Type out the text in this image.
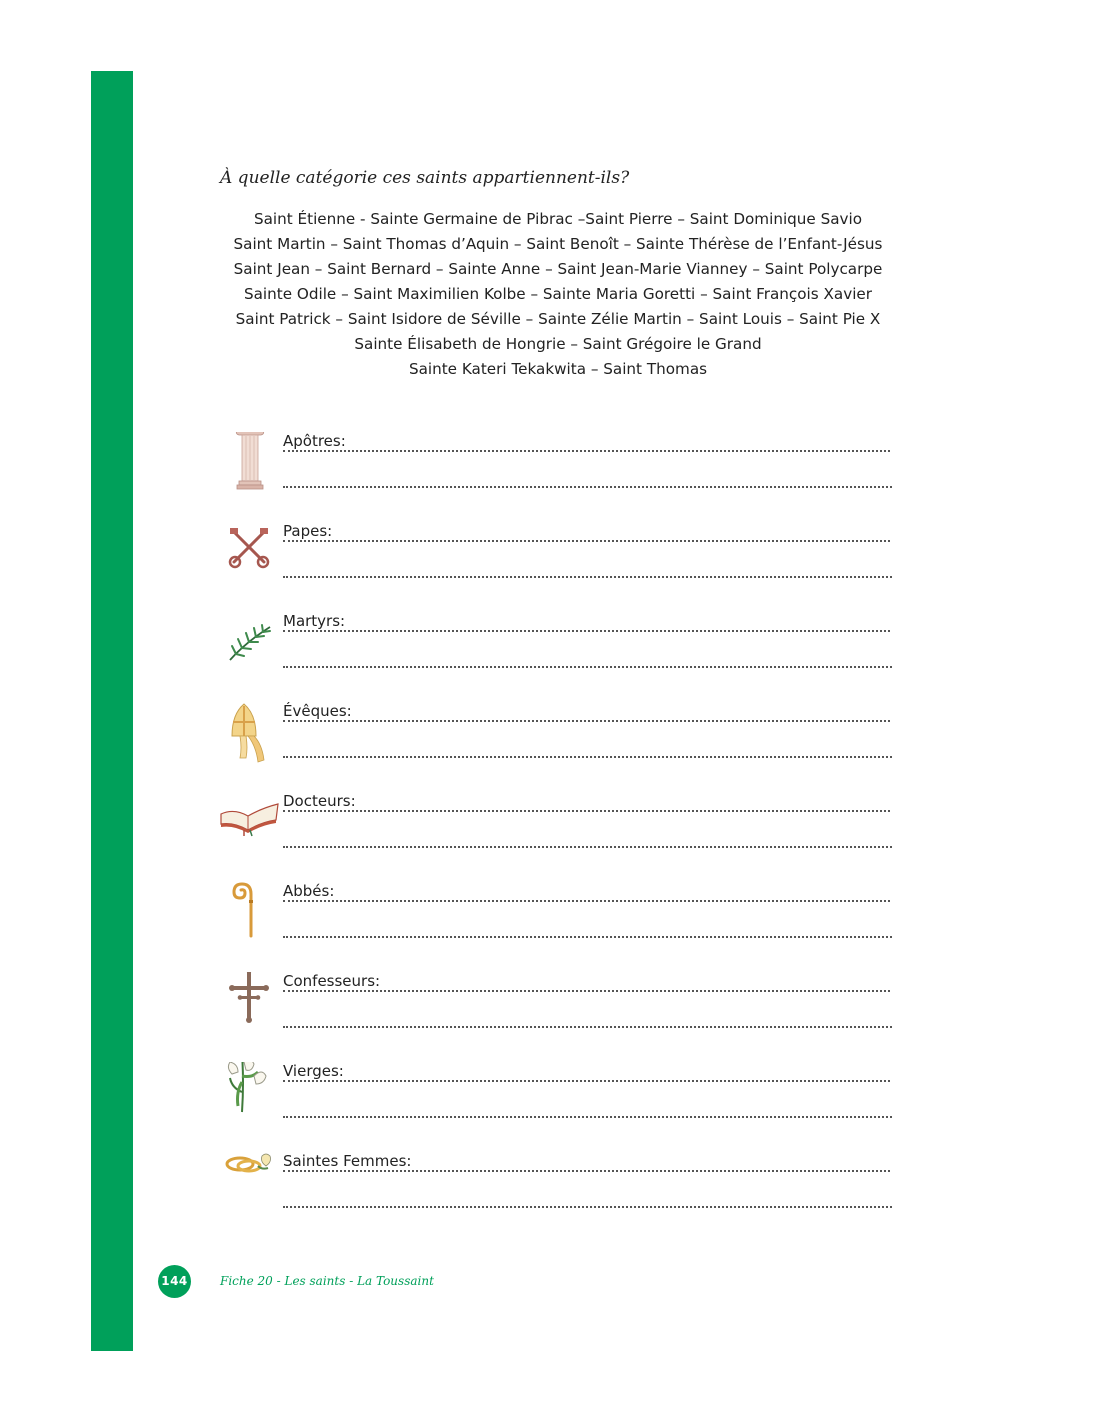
À quelle catégorie ces saints appartiennent-ils?
Saint Étienne - Sainte Germaine de Pibrac –Saint Pierre – Saint Dominique Savio
Saint Martin – Saint Thomas d’Aquin – Saint Benoît – Sainte Thérèse de l’Enfant-Jésus
Saint Jean – Saint Bernard – Sainte Anne – Saint Jean-Marie Vianney – Saint Polycarpe
Sainte Odile – Saint Maximilien Kolbe – Sainte Maria Goretti – Saint François Xavier
Saint Patrick – Saint Isidore de Séville – Sainte Zélie Martin – Saint Louis – Saint Pie X
Sainte Élisabeth de Hongrie – Saint Grégoire le Grand
Sainte Kateri Tekakwita – Saint Thomas
Apôtres:
Papes:
Martyrs:
Évêques:
Docteurs:
Abbés:
Confesseurs:
Vierges:
Saintes Femmes:
144	Fiche 20 - Les saints - La Toussaint
